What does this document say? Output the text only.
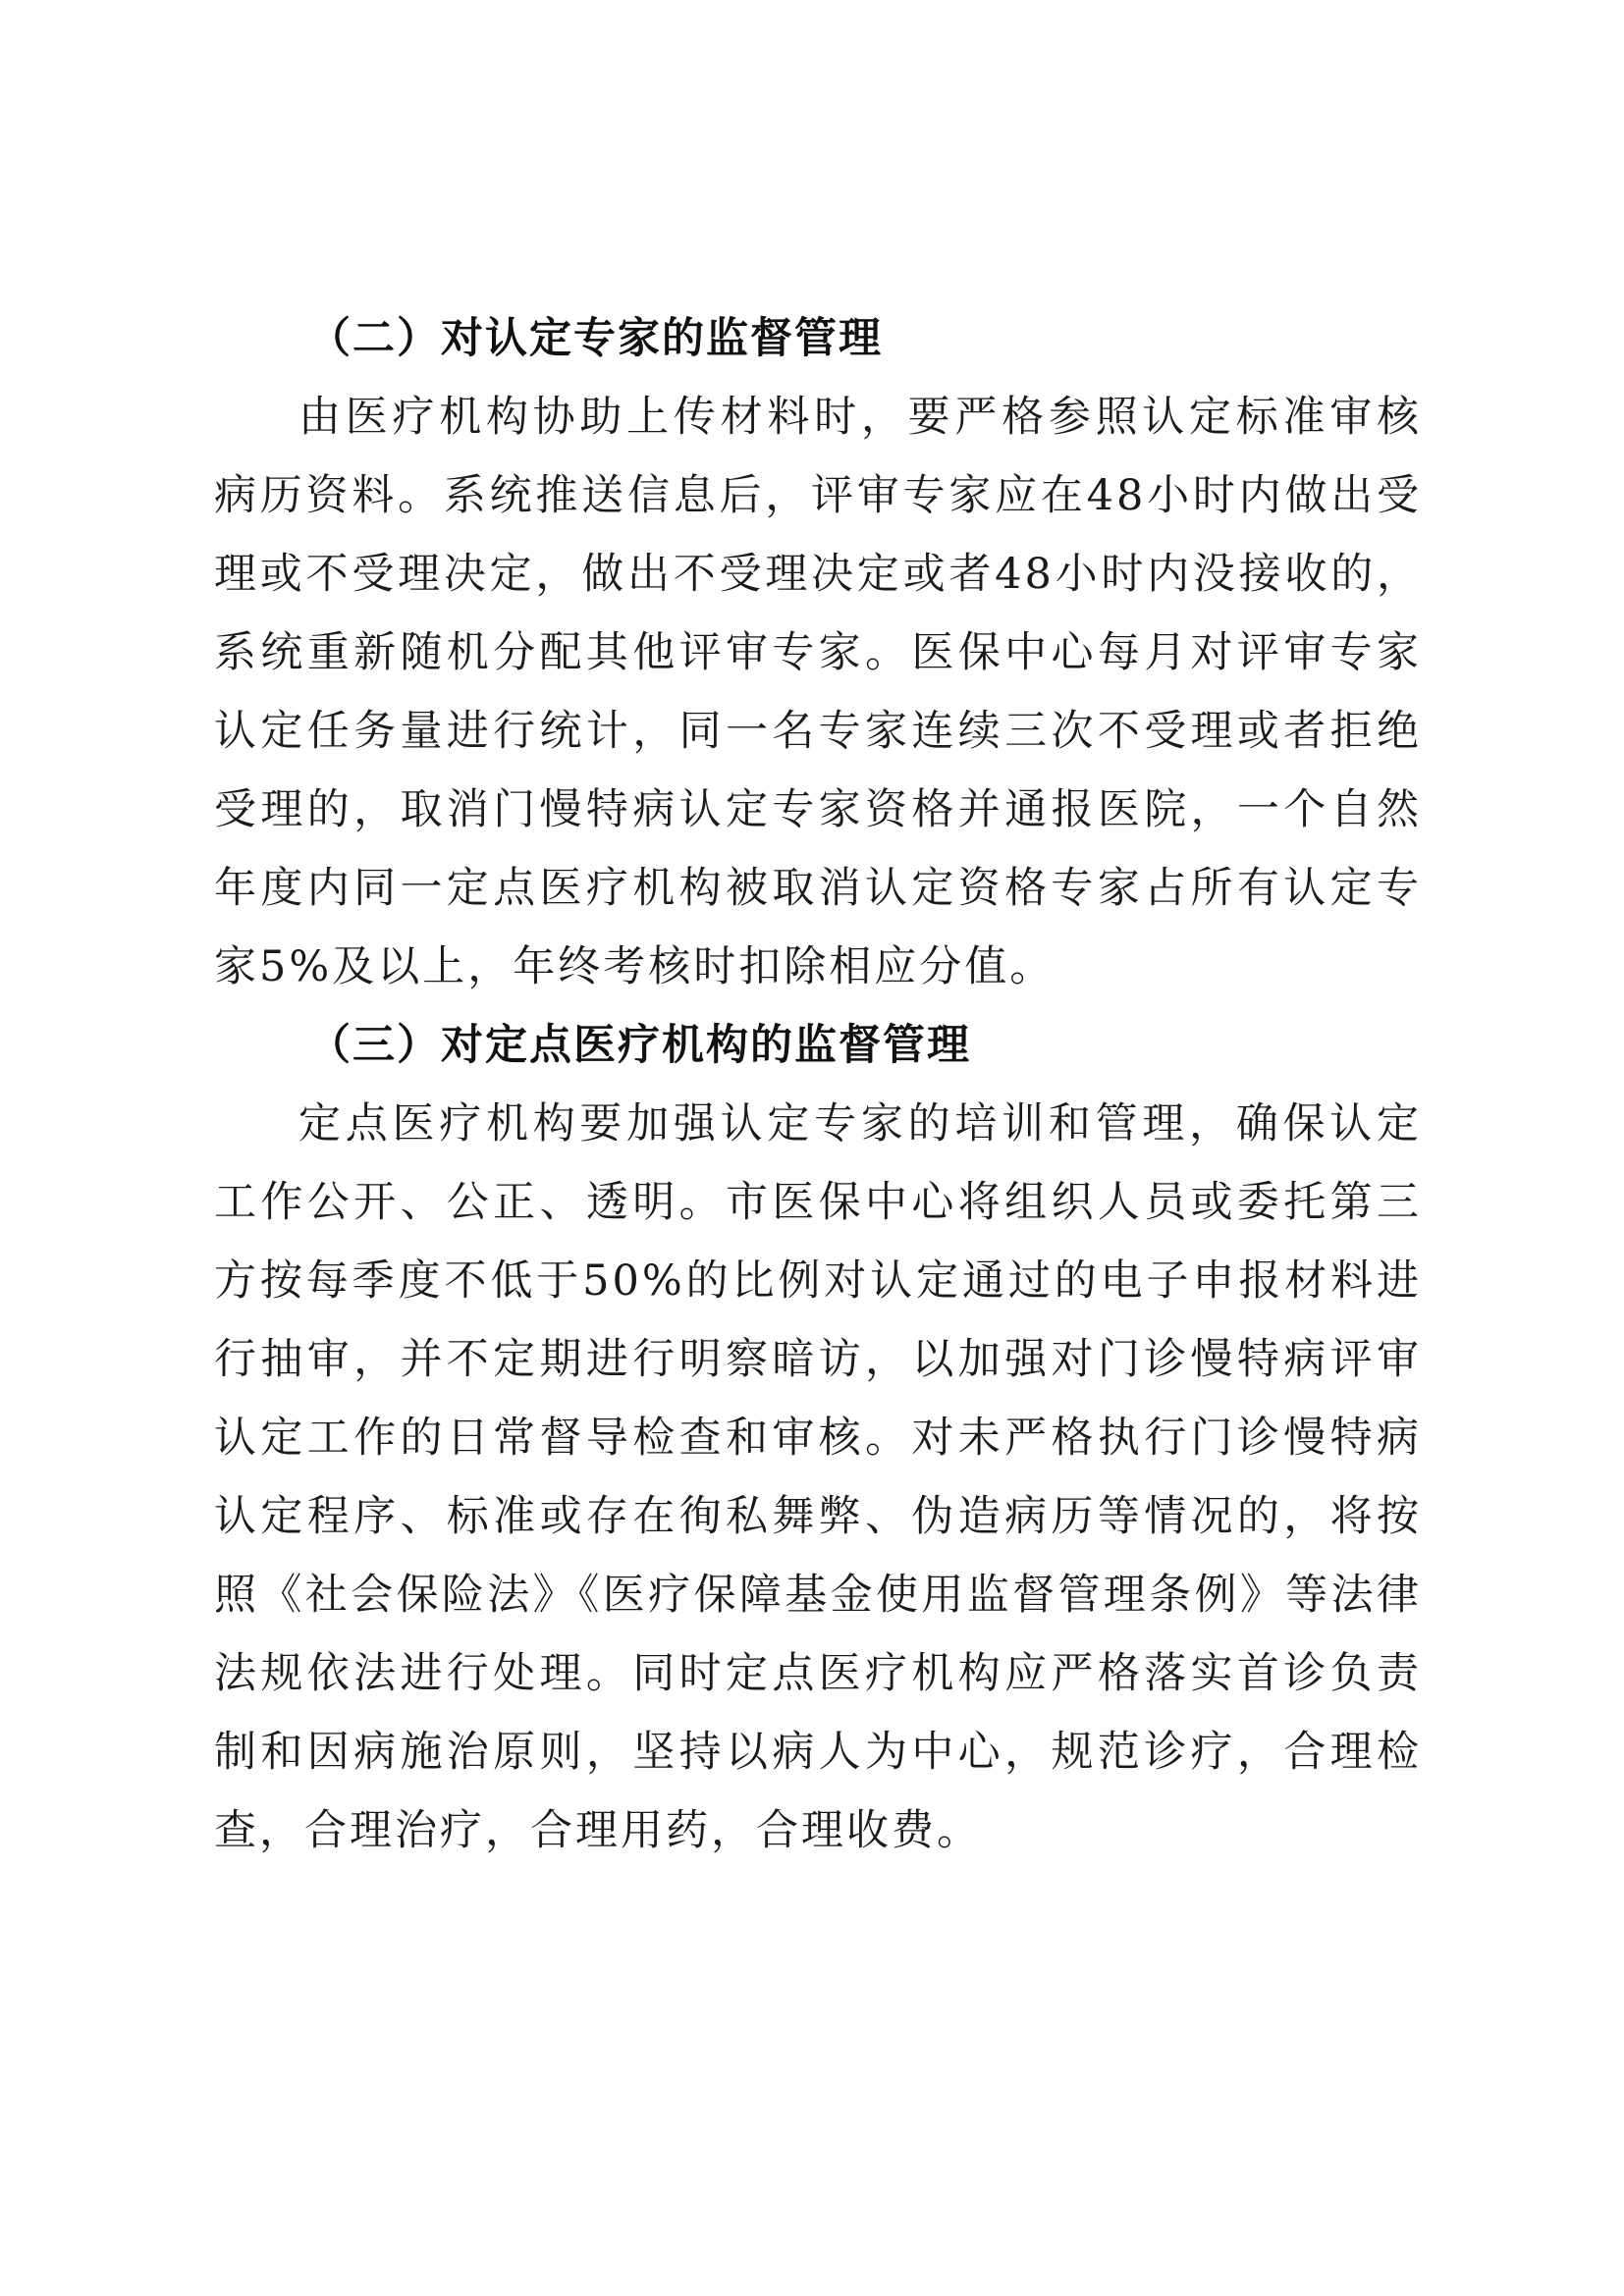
（二）对认定专家的监督管理

由医疗机构协助上传材料时，要严格参照认定标准审核病历资料。系统推送信息后，评审专家应在48小时内做出受理或不受理决定，做出不受理决定或者48小时内没接收的，系统重新随机分配其他评审专家。医保中心每月对评审专家认定任务量进行统计，同一名专家连续三次不受理或者拒绝受理的，取消门慢特病认定专家资格并通报医院，一个自然年度内同一定点医疗机构被取消认定资格专家占所有认定专家5%及以上，年终考核时扣除相应分值。

（三）对定点医疗机构的监督管理

定点医疗机构要加强认定专家的培训和管理，确保认定工作公开、公正、透明。市医保中心将组织人员或委托第三方按每季度不低于50%的比例对认定通过的电子申报材料进行抽审，并不定期进行明察暗访，以加强对门诊慢特病评审认定工作的日常督导检查和审核。对未严格执行门诊慢特病认定程序、标准或存在徇私舞弊、伪造病历等情况的，将按照《社会保险法》《医疗保障基金使用监督管理条例》等法律法规依法进行处理。同时定点医疗机构应严格落实首诊负责制和因病施治原则，坚持以病人为中心，规范诊疗，合理检查，合理治疗，合理用药，合理收费。
